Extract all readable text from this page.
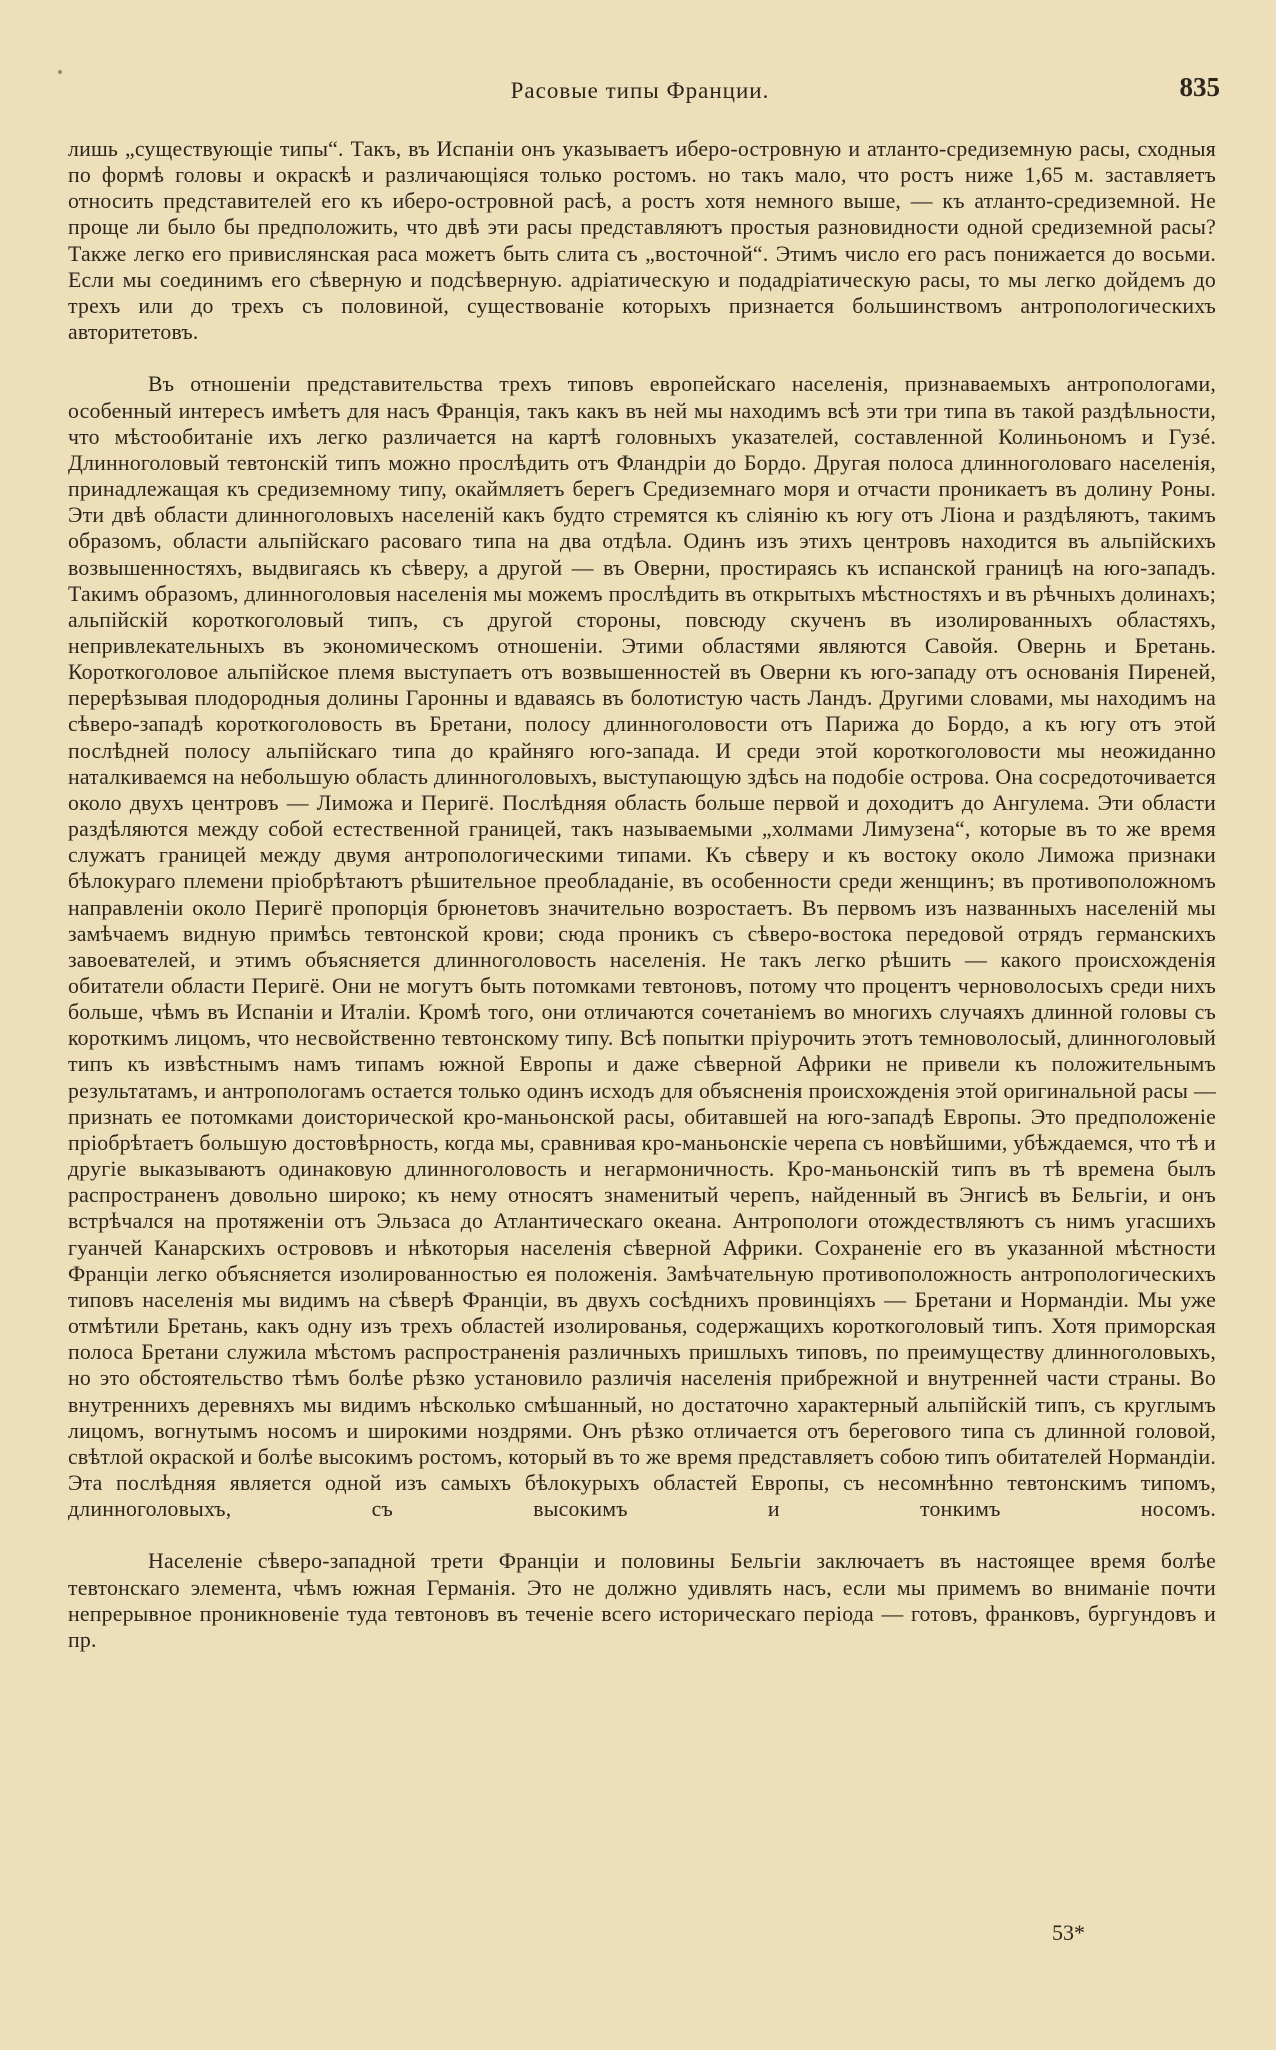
Расовые типы Франции.	835

лишь „существующіе типы“. Такъ, въ Испаніи онъ указываетъ иберо-островную и атланто-средиземную расы, сходныя по формѣ головы и окраскѣ и различающіяся только ростомъ. но такъ мало, что ростъ ниже 1,65 м. заставляетъ относить представителей его къ иберо-островной расѣ, а ростъ хотя немного выше, — къ атланто-средиземной. Не проще ли было бы предположить, что двѣ эти расы представляютъ простыя разновидности одной средиземной расы? Также легко его привислянская раса можетъ быть слита съ „восточной“. Этимъ число его расъ понижается до восьми. Если мы соединимъ его сѣверную и подсѣверную. адріатическую и подадріатическую расы, то мы легко дойдемъ до трехъ или до трехъ съ половиной, существованіе которыхъ признается большинствомъ антропологическихъ авторитетовъ.

Въ отношеніи представительства трехъ типовъ европейскаго населенія, признаваемыхъ антропологами, особенный интересъ имѣетъ для насъ Франція, такъ какъ въ ней мы находимъ всѣ эти три типа въ такой раздѣльности, что мѣстообитаніе ихъ легко различается на картѣ головныхъ указателей, составленной Колиньономъ и Гузé. Длинноголовый тевтонскій типъ можно прослѣдить отъ Фландріи до Бордо. Другая полоса длинноголоваго населенія, принадлежащая къ средиземному типу, окаймляетъ берегъ Средиземнаго моря и отчасти проникаетъ въ долину Роны. Эти двѣ области длинноголовыхъ населеній какъ будто стремятся къ сліянію къ югу отъ Ліона и раздѣляютъ, такимъ образомъ, области альпійскаго расоваго типа на два отдѣла. Одинъ изъ этихъ центровъ находится въ альпійскихъ возвышенностяхъ, выдвигаясь къ сѣверу, а другой — въ Оверни, простираясь къ испанской границѣ на юго-западъ. Такимъ образомъ, длинноголовыя населенія мы можемъ прослѣдить въ открытыхъ мѣстностяхъ и въ рѣчныхъ долинахъ; альпійскій короткоголовый типъ, съ другой стороны, повсюду скученъ въ изолированныхъ областяхъ, непривлекательныхъ въ экономическомъ отношеніи. Этими областями являются Савойя. Овернь и Бретань. Короткоголовое альпійское племя выступаетъ отъ возвышенностей въ Оверни къ юго-западу отъ основанія Пиреней, перерѣзывая плодородныя долины Гаронны и вдаваясь въ болотистую часть Ландъ. Другими словами, мы находимъ на сѣверо-западѣ короткоголовость въ Бретани, полосу длинноголовости отъ Парижа до Бордо, а къ югу отъ этой послѣдней полосу альпійскаго типа до крайняго юго-запада. И среди этой короткоголовости мы неожиданно наталкиваемся на небольшую область длинноголовыхъ, выступающую здѣсь на подобіе острова. Она сосредоточивается около двухъ центровъ — Лиможа и Перигё. Послѣдняя область больше первой и доходитъ до Ангулема. Эти области раздѣляются между собой естественной границей, такъ называемыми „холмами Лимузена“, которые въ то же время служатъ границей между двумя антропологическими типами. Къ сѣверу и къ востоку около Лиможа признаки бѣлокураго племени пріобрѣтаютъ рѣшительное преобладаніе, въ особенности среди женщинъ; въ противоположномъ направленіи около Перигё пропорція брюнетовъ значительно возростаетъ. Въ первомъ изъ названныхъ населеній мы замѣчаемъ видную примѣсь тевтонской крови; сюда проникъ съ сѣверо-востока передовой отрядъ германскихъ завоевателей, и этимъ объясняется длинноголовость населенія. Не такъ легко рѣшить — какого происхожденія обитатели области Перигё. Они не могутъ быть потомками тевтоновъ, потому что процентъ черноволосыхъ среди нихъ больше, чѣмъ въ Испаніи и Италіи. Кромѣ того, они отличаются сочетаніемъ во многихъ случаяхъ длинной головы съ короткимъ лицомъ, что несвойственно тевтонскому типу. Всѣ попытки пріурочить этотъ темноволосый, длинноголовый типъ къ извѣстнымъ намъ типамъ южной Европы и даже сѣверной Африки не привели къ положительнымъ результатамъ, и антропологамъ остается только одинъ исходъ для объясненія происхожденія этой оригинальной расы — признать ее потомками доисторической кро-маньонской расы, обитавшей на юго-западѣ Европы. Это предположеніе пріобрѣтаетъ большую достовѣрность, когда мы, сравнивая кро-маньонскіе черепа съ новѣйшими, убѣждаемся, что тѣ и другіе выказываютъ одинаковую длинноголовость и негармоничность. Кро-маньонскій типъ въ тѣ времена былъ распространенъ довольно широко; къ нему относятъ знаменитый черепъ, найденный въ Энгисѣ въ Бельгіи, и онъ встрѣчался на протяженіи отъ Эльзаса до Атлантическаго океана. Антропологи отождествляютъ съ нимъ угасшихъ гуанчей Канарскихъ острововъ и нѣкоторыя населенія сѣверной Африки. Сохраненіе его въ указанной мѣстности Франціи легко объясняется изолированностью ея положенія. Замѣчательную противоположность антропологическихъ типовъ населенія мы видимъ на сѣверѣ Франціи, въ двухъ сосѣднихъ провинціяхъ — Бретани и Нормандіи. Мы уже отмѣтили Бретань, какъ одну изъ трехъ областей изолированья, содержащихъ короткоголовый типъ. Хотя приморская полоса Бретани служила мѣстомъ распространенія различныхъ пришлыхъ типовъ, по преимуществу длинноголовыхъ, но это обстоятельство тѣмъ болѣе рѣзко установило различія населенія прибрежной и внутренней части страны. Во внутреннихъ деревняхъ мы видимъ нѣсколько смѣшанный, но достаточно характерный альпійскій типъ, съ круглымъ лицомъ, вогнутымъ носомъ и широкими ноздрями. Онъ рѣзко отличается отъ берегового типа съ длинной головой, свѣтлой окраской и болѣе высокимъ ростомъ, который въ то же время представляетъ собою типъ обитателей Нормандіи. Эта послѣдняя является одной изъ самыхъ бѣлокурыхъ областей Европы, съ несомнѣнно тевтонскимъ типомъ, длинноголовыхъ, съ высокимъ и тонкимъ носомъ.

Населеніе сѣверо-западной трети Франціи и половины Бельгіи заключаетъ въ настоящее время болѣе тевтонскаго элемента, чѣмъ южная Германія. Это не должно удивлять насъ, если мы примемъ во вниманіе почти непрерывное проникновеніе туда тевтоновъ въ теченіе всего историческаго періода — готовъ, франковъ, бургундовъ и пр.

53*
